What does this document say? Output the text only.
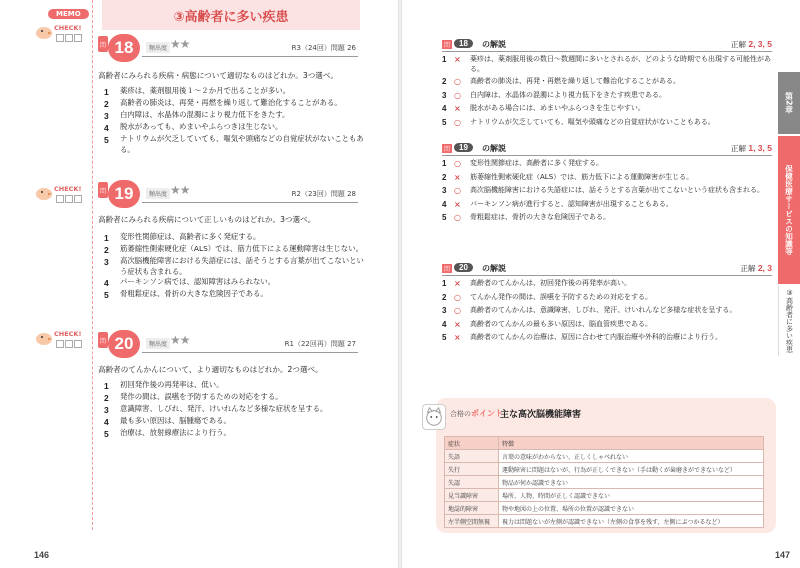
MEMO	③高齢者に多い疾患
CHECK!
CHECK!
CHECK!
問 18	頻出度 ★★	R3（24回）問題 26
高齢者にみられる疾病・病態について適切なものはどれか。3つ選べ。
1	薬疹は、薬剤服用後１～２か月で出ることが多い。
2	高齢者の肺炎は、再発・再燃を繰り返して難治化することがある。
3	白内障は、水晶体の混濁により視力低下をきたす。
4	脱水があっても、めまいやふらつきは生じない。
5	ナトリウムが欠乏していても、嘔気や頭痛などの自覚症状がないこともある。
問 19	頻出度 ★★	R2（23回）問題 28
高齢者にみられる疾病について正しいものはどれか。3つ選べ。
1	変形性関節症は、高齢者に多く発症する。
2	筋萎縮性側索硬化症（ALS）では、筋力低下による運動障害は生じない。
3	高次脳機能障害における失語症には、話そうとする言葉が出てこないという症状も含まれる。
4	パーキンソン病では、認知障害はみられない。
5	骨粗鬆症は、骨折の大きな危険因子である。
問 20	頻出度 ★★	R1（22回再）問題 27
高齢者のてんかんについて、より適切なものはどれか。2つ選べ。
1	初回発作後の再発率は、低い。
2	発作の間は、誤嚥を予防するための対応をする。
3	意識障害、しびれ、発汗、けいれんなど多様な症状を呈する。
4	最も多い原因は、脳腫瘍である。
5	治療は、放射線療法により行う。
146
問	18	の解説	正解 2, 3, 5
1 ×	薬疹は、薬剤服用後の数日～数週間に多いとされるが、どのような時期でも出現する可能性がある。
2 ○	高齢者の肺炎は、再発・再燃を繰り返して難治化することがある。
3 ○	白内障は、水晶体の混濁により視力低下をきたす疾患である。
4 ×	脱水がある場合には、めまいやふらつきを生じやすい。
5 ○	ナトリウムが欠乏していても、嘔気や頭痛などの自覚症状がないこともある。
問	19	の解説	正解 1, 3, 5
1 ○	変形性関節症は、高齢者に多く発症する。
2 ×	筋萎縮性側索硬化症（ALS）では、筋力低下による運動障害が生じる。
3 ○	高次脳機能障害における失語症には、話そうとする言葉が出てこないという症状も含まれる。
4 ×	パーキンソン病が進行すると、認知障害が出現することもある。
5 ○	骨粗鬆症は、骨折の大きな危険因子である。
問	20	の解説	正解 2, 3
1 ×	高齢者のてんかんは、初回発作後の再発率が高い。
2 ○	てんかん発作の間は、誤嚥を予防するための対応をする。
3 ○	高齢者のてんかんは、意識障害、しびれ、発汗、けいれんなど多様な症状を呈する。
4 ×	高齢者のてんかんの最も多い原因は、脳血管疾患である。
5 ×	高齢者のてんかんの治療は、原因に合わせて内服治療や外科的治療により行う。
第2章
保健医療サービスの知識等
③高齢者に多い疾患
合格のポイント
主な高次脳機能障害
症状	特徴
失語	言葉の意味がわからない、正しくしゃべれない
失行	運動障害に問題はないが、行為が正しくできない（手は動くが歯磨きができないなど）
失認	物品が何か認識できない
見当識障害	場所、人物、時間が正しく認識できない
地誌的障害	物や地図の上の位置、場所の位置が認識できない
左半側空間無視	視力は問題ないが左側が認識できない（左側の食事を残す、左側にぶつかるなど）
147
